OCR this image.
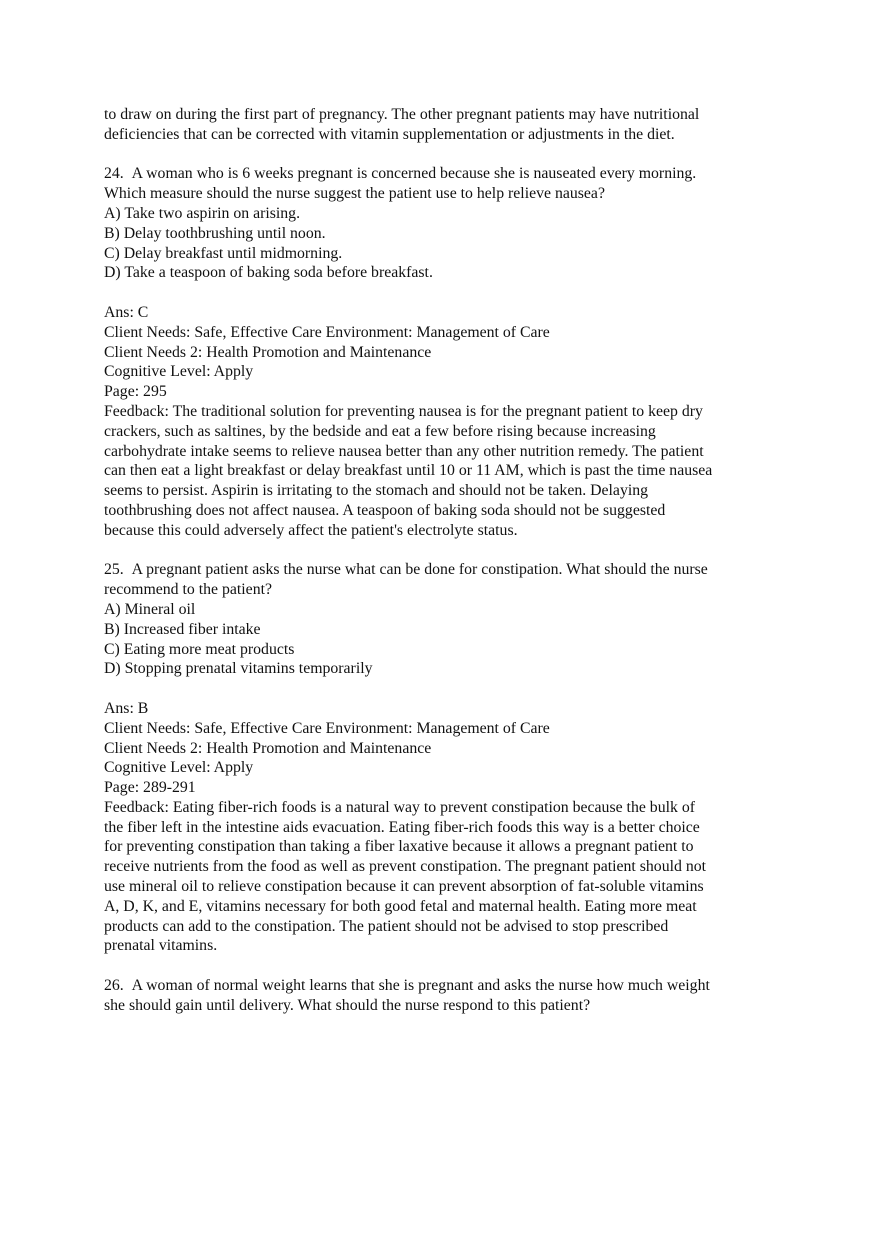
to draw on during the first part of pregnancy. The other pregnant patients may have nutritional
deficiencies that can be corrected with vitamin supplementation or adjustments in the diet.
24. A woman who is 6 weeks pregnant is concerned because she is nauseated every morning.
Which measure should the nurse suggest the patient use to help relieve nausea?
A) Take two aspirin on arising.
B) Delay toothbrushing until noon.
C) Delay breakfast until midmorning.
D) Take a teaspoon of baking soda before breakfast.
Ans: C
Client Needs: Safe, Effective Care Environment: Management of Care
Client Needs 2: Health Promotion and Maintenance
Cognitive Level: Apply
Page: 295
Feedback: The traditional solution for preventing nausea is for the pregnant patient to keep dry
crackers, such as saltines, by the bedside and eat a few before rising because increasing
carbohydrate intake seems to relieve nausea better than any other nutrition remedy. The patient
can then eat a light breakfast or delay breakfast until 10 or 11 AM, which is past the time nausea
seems to persist. Aspirin is irritating to the stomach and should not be taken. Delaying
toothbrushing does not affect nausea. A teaspoon of baking soda should not be suggested
because this could adversely affect the patient's electrolyte status.
25. A pregnant patient asks the nurse what can be done for constipation. What should the nurse
recommend to the patient?
A) Mineral oil
B) Increased fiber intake
C) Eating more meat products
D) Stopping prenatal vitamins temporarily
Ans: B
Client Needs: Safe, Effective Care Environment: Management of Care
Client Needs 2: Health Promotion and Maintenance
Cognitive Level: Apply
Page: 289-291
Feedback: Eating fiber-rich foods is a natural way to prevent constipation because the bulk of
the fiber left in the intestine aids evacuation. Eating fiber-rich foods this way is a better choice
for preventing constipation than taking a fiber laxative because it allows a pregnant patient to
receive nutrients from the food as well as prevent constipation. The pregnant patient should not
use mineral oil to relieve constipation because it can prevent absorption of fat-soluble vitamins
A, D, K, and E, vitamins necessary for both good fetal and maternal health. Eating more meat
products can add to the constipation. The patient should not be advised to stop prescribed
prenatal vitamins.
26. A woman of normal weight learns that she is pregnant and asks the nurse how much weight
she should gain until delivery. What should the nurse respond to this patient?
